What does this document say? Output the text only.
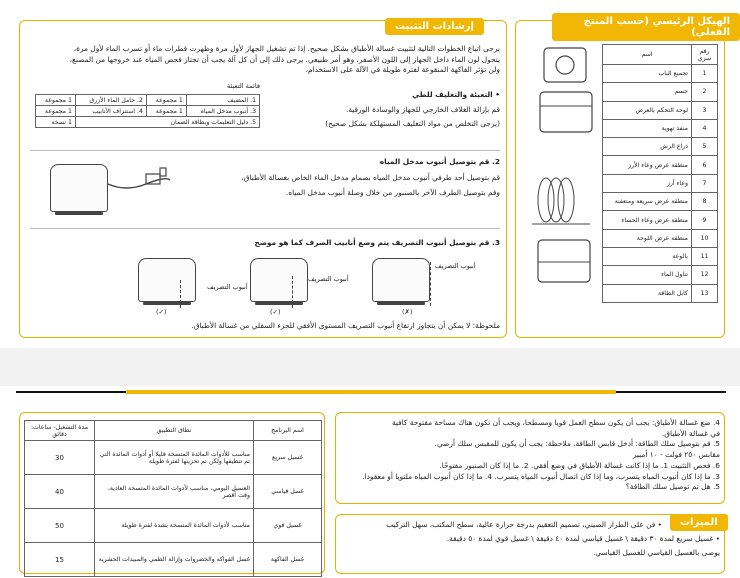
إرشادات التثبيت
يرجى اتباع الخطوات التالية لتثبيت غسالة الأطباق بشكل صحيح. إذا تم تشغيل الجهاز لأول مرة وظهرت قطرات ماء أو تسرب الماء لأول مرة،
يتحول لون الماء داخل الجهاز إلى اللون الأصفر، وهو أمر طبيعي. يرجى ذلك إلى أن كل آلة يجب أن تجتاز فحص المياه عند خروجها من المصنع،
ولن تؤثر الفاكهة المنقوعة لفترة طويلة في الآلة على الاستخدام،
• التعبئة والتغليف للطي
قم بإزالة الغلاف الخارجي للجهاز والوسادة الورقية.
(يرجى التخلص من مواد التغليف المستهلكة بشكل صحيح)
قائمة التعبئة
1 مجموعة	2. حامل الماء الأزرق	1 مجموعة	1. المضيف
1 مجموعة	4. استنزاف الأنابيب	1 مجموعة	3. أنبوب مدخل المياه
1 نسخة	5. دليل التعليمات وبطاقة الضمان		
2. قم بتوصيل أنبوب مدخل المياه
قم بتوصيل أحد طرفي أنبوب مدخل المياه بصمام مدخل الماء الخاص بغسالة الأطباق،
وقم بتوصيل الطرف الآخر بالصنبور من خلال وصلة أنبوب مدخل المياه.
3. قم بتوصيل أنبوب التصريف يتم وضع أنابيب الصرف كما هو موضح
أنبوب التصريف
(✓)
أنبوب التصريف
(✓)
أنبوب التصريف
(✗)
ملحوظة: لا يمكن أن يتجاوز ارتفاع أنبوب التصريف المستوى الأفقي للجزء السفلي من غسالة الأطباق.
الهيكل الرئيسي (حسب المنتج الفعلي)
اسم	رقم سري
تجميع الباب	1
جسم	2
لوحة التحكم بالعرض	3
منفذ تهوية	4
ذراع الرش	5
منطقة عرض وعاء الأرز	6
وعاء أرز	7
منطقة عرض سريعة ومتعفنة	8
منطقة عرض وعاء الحساء	9
منطقة عرض اللوحة	10
بالوعة	11
تناول الماء	12
كابل الطاقة	13
مدة التشغيل- ساعات: دقائق	نطاق التطبيق	اسم البرنامج
30	مناسب للأدوات المائدة المتسخة قليلا أو أدوات المائدة التي تم تنظيفها ولكن تم تخزينها لفترة طويلة	غسيل سريع
40	الغسيل اليومي، مناسب لأدوات المائدة المتسخة العادية، وقت أقصر	غسل قياسي
50	مناسب لأدوات المائدة المتسخة بشدة لفترة طويلة	غسيل قوي
15	غسل الفواكه والخضروات وإزالة الطمي والمبيدات الحشرية	غسل الفاكهة
4. ضع غسالة الأطباق: يجب أن يكون سطح العمل قويا ومسطحا، ويجب أن تكون هناك مساحة مفتوحة كافية
في غسالة الأطباق.
5. قم بتوصيل سلك الطاقة: أدخل قابس الطاقة. ملاحظة: يجب أن يكون للمقبس سلك أرضي.
مقابس ٢٥٠ فولت - ١٠ أمبير
6. فحص التثبيت 1. ما إذا كانت غسالة الأطباق في وضع أفقي. 2. ما إذا كان الصنبور مفتوحًا.
3. ما إذا كان أنبوب المياه يتسرب، وما إذا كان اتصال أنبوب المياه يتسرب. 4. ما إذا كان أنبوب المياه ملتويا أو معقودا.
5. هل تم توصيل سلك الطاقة؟
الميزات
• فن على الطراز الصيني، تصميم التعقيم بدرجة حرارة عالية، سطح المكتب، سهل التركيب
• غسيل سريع لمدة ٣٠ دقيقة \ غسيل قياسي لمدة ٤٠ دقيقة \ غسيل قوي لمدة ٥٠ دقيقة.
يوصى بالغسيل القياسي للغسيل القياسي.
